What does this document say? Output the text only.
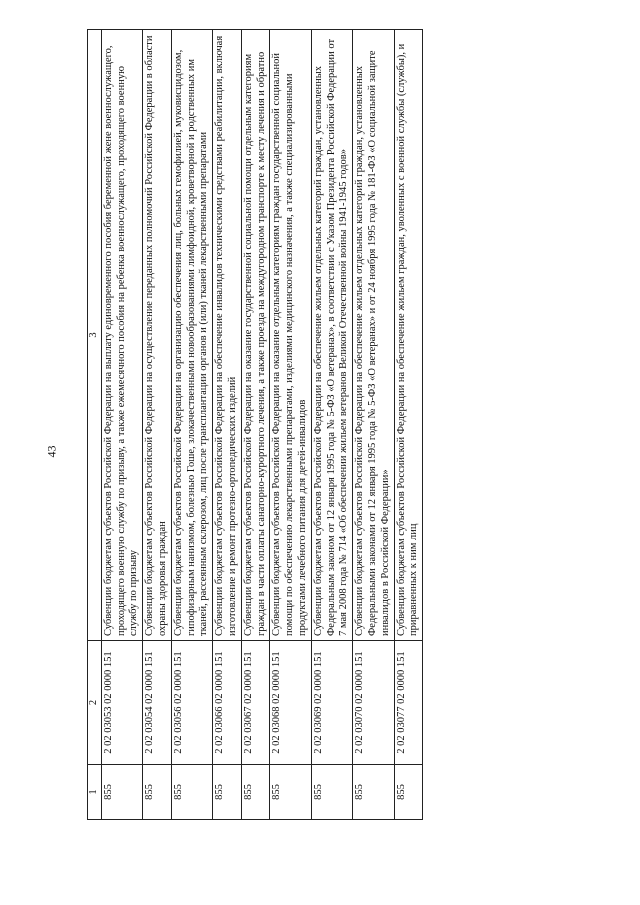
43
1	2	3
855	2 02 03053 02 0000 151	Субвенции бюджетам субъектов Российской Федерации на выплату единовременного пособия беременной жене военнослужащего, проходящего военную службу по призыву, а также ежемесячного пособия на ребенка военнослужащего, проходящего военную службу по призыву
855	2 02 03054 02 0000 151	Субвенции бюджетам субъектов Российской Федерации на осуществление переданных полномочий Российской Федерации в области охраны здоровья граждан
855	2 02 03056 02 0000 151	Субвенции бюджетам субъектов Российской Федерации на организацию обеспечения лиц, больных гемофилией, муковисцидозом, гипофизарным нанизмом, болезнью Гоше, злокачественными новообразованиями лимфоидной, кроветворной и родственных им тканей, рассеянным склерозом, лиц после трансплантации органов и (или) тканей лекарственными препаратами
855	2 02 03066 02 0000 151	Субвенции бюджетам субъектов Российской Федерации на обеспечение инвалидов техническими средствами реабилитации, включая изготовление и ремонт протезно-ортопедических изделий
855	2 02 03067 02 0000 151	Субвенции бюджетам субъектов Российской Федерации на оказание государственной социальной помощи отдельным категориям граждан в части оплаты санаторно-курортного лечения, а также проезда на междугородном транспорте к месту лечения и обратно
855	2 02 03068 02 0000 151	Субвенции бюджетам субъектов Российской Федерации на оказание отдельным категориям граждан государственной социальной помощи по обеспечению лекарственными препаратами, изделиями медицинского назначения, а также специализированными продуктами лечебного питания для детей-инвалидов
855	2 02 03069 02 0000 151	Субвенции бюджетам субъектов Российской Федерации на обеспечение жильем отдельных категорий граждан, установленных Федеральным законом от 12 января 1995 года № 5-ФЗ «О ветеранах», в соответствии с Указом Президента Российской Федерации от 7 мая 2008 года № 714 «Об обеспечении жильем ветеранов Великой Отечественной войны 1941-1945 годов»
855	2 02 03070 02 0000 151	Субвенции бюджетам субъектов Российской Федерации на обеспечение жильем отдельных категорий граждан, установленных Федеральными законами от 12 января 1995 года № 5-ФЗ «О ветеранах» и от 24 ноября 1995 года № 181-ФЗ «О социальной защите инвалидов в Российской Федерации»
855	2 02 03077 02 0000 151	Субвенции бюджетам субъектов Российской Федерации на обеспечение жильем граждан, уволенных с военной службы (службы), и приравненных к ним лиц
